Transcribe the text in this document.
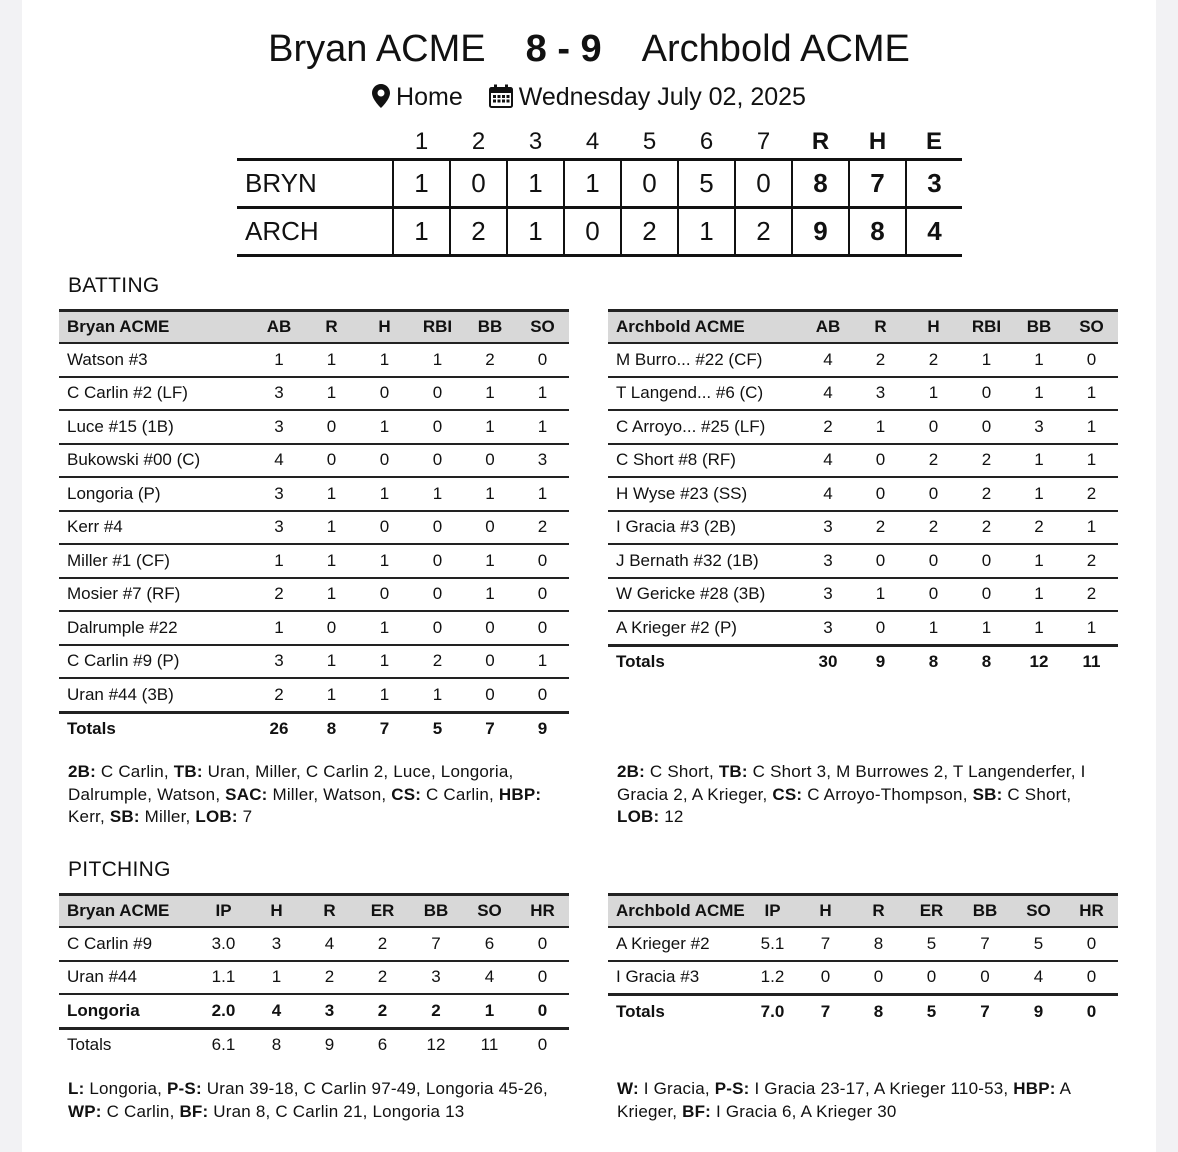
Bryan ACME 8 - 9 Archbold ACME
Home Wednesday July 02, 2025
	1	2	3	4	5	6	7	R	H	E
BRYN	1	0	1	1	0	5	0	8	7	3
ARCH	1	2	1	0	2	1	2	9	8	4
BATTING
Bryan ACME	AB	R	H	RBI	BB	SO
Watson #3	1	1	1	1	2	0
C Carlin #2 (LF)	3	1	0	0	1	1
Luce #15 (1B)	3	0	1	0	1	1
Bukowski #00 (C)	4	0	0	0	0	3
Longoria (P)	3	1	1	1	1	1
Kerr #4	3	1	0	0	0	2
Miller #1 (CF)	1	1	1	0	1	0
Mosier #7 (RF)	2	1	0	0	1	0
Dalrumple #22	1	0	1	0	0	0
C Carlin #9 (P)	3	1	1	2	0	1
Uran #44 (3B)	2	1	1	1	0	0
Totals	26	8	7	5	7	9
Archbold ACME	AB	R	H	RBI	BB	SO
M Burro... #22 (CF)	4	2	2	1	1	0
T Langend... #6 (C)	4	3	1	0	1	1
C Arroyo... #25 (LF)	2	1	0	0	3	1
C Short #8 (RF)	4	0	2	2	1	1
H Wyse #23 (SS)	4	0	0	2	1	2
I Gracia #3 (2B)	3	2	2	2	2	1
J Bernath #32 (1B)	3	0	0	0	1	2
W Gericke #28 (3B)	3	1	0	0	1	2
A Krieger #2 (P)	3	0	1	1	1	1
Totals	30	9	8	8	12	11
2B: C Carlin, TB: Uran, Miller, C Carlin 2, Luce, Longoria, Dalrumple, Watson, SAC: Miller, Watson, CS: C Carlin, HBP: Kerr, SB: Miller, LOB: 7
2B: C Short, TB: C Short 3, M Burrowes 2, T Langenderfer, I Gracia 2, A Krieger, CS: C Arroyo-Thompson, SB: C Short, LOB: 12
PITCHING
Bryan ACME	IP	H	R	ER	BB	SO	HR
C Carlin #9	3.0	3	4	2	7	6	0
Uran #44	1.1	1	2	2	3	4	0
Longoria	2.0	4	3	2	2	1	0
Totals	6.1	8	9	6	12	11	0
Archbold ACME	IP	H	R	ER	BB	SO	HR
A Krieger #2	5.1	7	8	5	7	5	0
I Gracia #3	1.2	0	0	0	0	4	0
Totals	7.0	7	8	5	7	9	0
L: Longoria, P-S: Uran 39-18, C Carlin 97-49, Longoria 45-26, WP: C Carlin, BF: Uran 8, C Carlin 21, Longoria 13
W: I Gracia, P-S: I Gracia 23-17, A Krieger 110-53, HBP: A Krieger, BF: I Gracia 6, A Krieger 30
